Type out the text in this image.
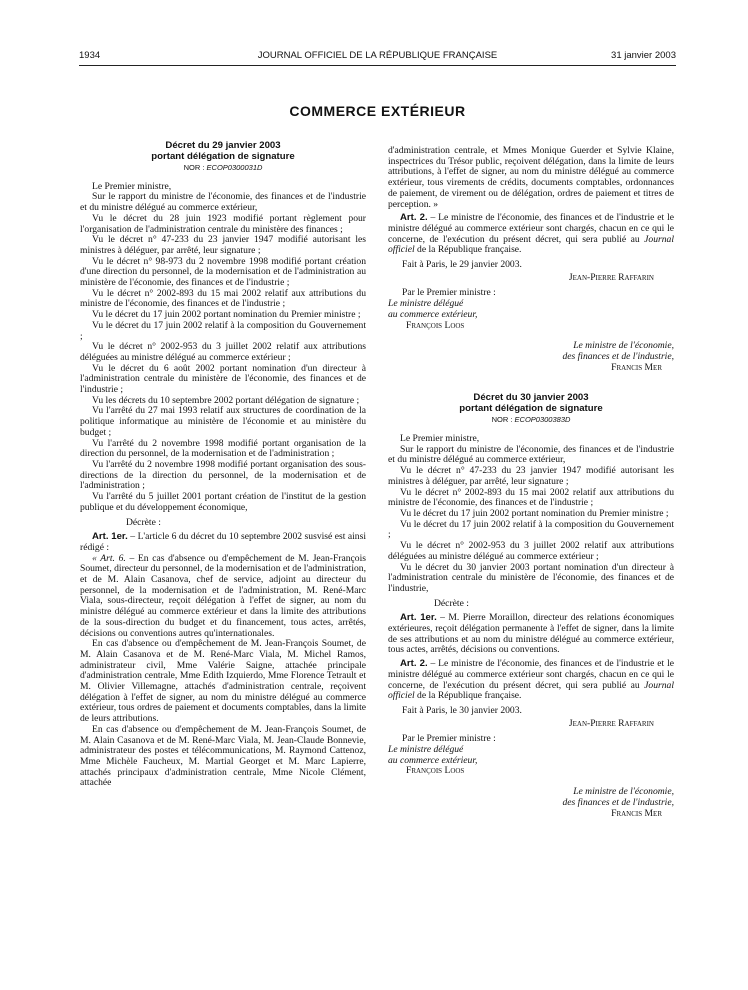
1934	JOURNAL OFFICIEL DE LA RÉPUBLIQUE FRANÇAISE	31 janvier 2003
COMMERCE EXTÉRIEUR
Décret du 29 janvier 2003
portant délégation de signature
NOR : ECOP0300031D

Le Premier ministre,

Sur le rapport du ministre de l'économie, des finances et de l'industrie et du ministre délégué au commerce extérieur,

Vu le décret du 28 juin 1923 modifié portant règlement pour l'organisation de l'administration centrale du ministère des finances ;

Vu le décret n° 47-233 du 23 janvier 1947 modifié autorisant les ministres à déléguer, par arrêté, leur signature ;

Vu le décret n° 98-973 du 2 novembre 1998 modifié portant création d'une direction du personnel, de la modernisation et de l'administration au ministère de l'économie, des finances et de l'industrie ;

Vu le décret n° 2002-893 du 15 mai 2002 relatif aux attributions du ministre de l'économie, des finances et de l'industrie ;

Vu le décret du 17 juin 2002 portant nomination du Premier ministre ;

Vu le décret du 17 juin 2002 relatif à la composition du Gouvernement ;

Vu le décret n° 2002-953 du 3 juillet 2002 relatif aux attributions déléguées au ministre délégué au commerce extérieur ;

Vu le décret du 6 août 2002 portant nomination d'un directeur à l'administration centrale du ministère de l'économie, des finances et de l'industrie ;

Vu les décrets du 10 septembre 2002 portant délégation de signature ;

Vu l'arrêté du 27 mai 1993 relatif aux structures de coordination de la politique informatique au ministère de l'économie et au ministère du budget ;

Vu l'arrêté du 2 novembre 1998 modifié portant organisation de la direction du personnel, de la modernisation et de l'administration ;

Vu l'arrêté du 2 novembre 1998 modifié portant organisation des sous-directions de la direction du personnel, de la modernisation et de l'administration ;

Vu l'arrêté du 5 juillet 2001 portant création de l'institut de la gestion publique et du développement économique,

Décrète :

Art. 1er. – L'article 6 du décret du 10 septembre 2002 susvisé est ainsi rédigé :

« Art. 6. – En cas d'absence ou d'empêchement de M. Jean-François Soumet, directeur du personnel, de la modernisation et de l'administration, et de M. Alain Casanova, chef de service, adjoint au directeur du personnel, de la modernisation et de l'administration, M. René-Marc Viala, sous-directeur, reçoit délégation à l'effet de signer, au nom du ministre délégué au commerce extérieur et dans la limite des attributions de la sous-direction du budget et du financement, tous actes, arrêtés, décisions ou conventions autres qu'internationales.

En cas d'absence ou d'empêchement de M. Jean-François Soumet, de M. Alain Casanova et de M. René-Marc Viala, M. Michel Ramos, administrateur civil, Mme Valérie Saigne, attachée principale d'administration centrale, Mme Edith Izquierdo, Mme Florence Tetrault et M. Olivier Villemagne, attachés d'administration centrale, reçoivent délégation à l'effet de signer, au nom du ministre délégué au commerce extérieur, tous ordres de paiement et documents comptables, dans la limite de leurs attributions.

En cas d'absence ou d'empêchement de M. Jean-François Soumet, de M. Alain Casanova et de M. René-Marc Viala, M. Jean-Claude Bonnevie, administrateur des postes et télécommunications, M. Raymond Cattenoz, Mme Michèle Faucheux, M. Martial Georget et M. Marc Lapierre, attachés principaux d'administration centrale, Mme Nicole Clément, attachée

d'administration centrale, et Mmes Monique Guerder et Sylvie Klaine, inspectrices du Trésor public, reçoivent délégation, dans la limite de leurs attributions, à l'effet de signer, au nom du ministre délégué au commerce extérieur, tous virements de crédits, documents comptables, ordonnances de paiement, de virement ou de délégation, ordres de paiement et titres de perception. »

Art. 2. – Le ministre de l'économie, des finances et de l'industrie et le ministre délégué au commerce extérieur sont chargés, chacun en ce qui le concerne, de l'exécution du présent décret, qui sera publié au Journal officiel de la République française.

Fait à Paris, le 29 janvier 2003.

Jean-Pierre Raffarin
Par le Premier ministre :
Le ministre délégué
au commerce extérieur,
François Loos
Le ministre de l'économie,
des finances et de l'industrie,
Francis Mer
Décret du 30 janvier 2003
portant délégation de signature
NOR : ECOP0300383D

Le Premier ministre,

Sur le rapport du ministre de l'économie, des finances et de l'industrie et du ministre délégué au commerce extérieur,

Vu le décret n° 47-233 du 23 janvier 1947 modifié autorisant les ministres à déléguer, par arrêté, leur signature ;

Vu le décret n° 2002-893 du 15 mai 2002 relatif aux attributions du ministre de l'économie, des finances et de l'industrie ;

Vu le décret du 17 juin 2002 portant nomination du Premier ministre ;

Vu le décret du 17 juin 2002 relatif à la composition du Gouvernement ;

Vu le décret n° 2002-953 du 3 juillet 2002 relatif aux attributions déléguées au ministre délégué au commerce extérieur ;

Vu le décret du 30 janvier 2003 portant nomination d'un directeur à l'administration centrale du ministère de l'économie, des finances et de l'industrie,

Décrète :

Art. 1er. – M. Pierre Moraillon, directeur des relations économiques extérieures, reçoit délégation permanente à l'effet de signer, dans la limite de ses attributions et au nom du ministre délégué au commerce extérieur, tous actes, arrêtés, décisions ou conventions.

Art. 2. – Le ministre de l'économie, des finances et de l'industrie et le ministre délégué au commerce extérieur sont chargés, chacun en ce qui le concerne, de l'exécution du présent décret, qui sera publié au Journal officiel de la République française.

Fait à Paris, le 30 janvier 2003.

Jean-Pierre Raffarin
Par le Premier ministre :
Le ministre délégué
au commerce extérieur,
François Loos
Le ministre de l'économie,
des finances et de l'industrie,
Francis Mer
